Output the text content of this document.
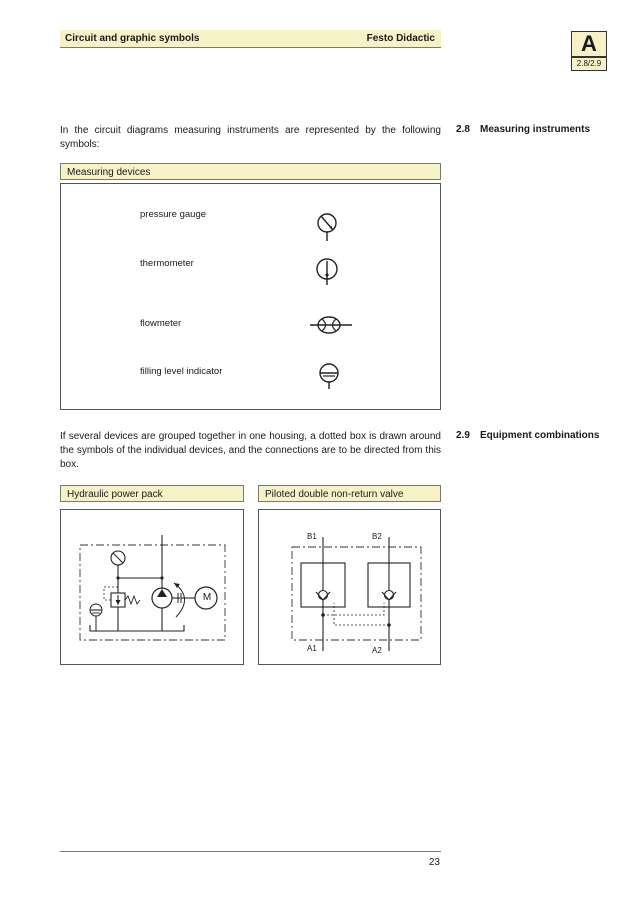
Circuit and graphic symbols	Festo Didactic	A
2.8/2.9
In the circuit diagrams measuring instruments are represented by the following symbols:
2.8 Measuring instruments
Measuring devices
pressure gauge
thermometer
flowmeter
filling level indicator
If several devices are grouped together in one housing, a dotted box is drawn around the symbols of the individual devices, and the connections are to be directed from this box.
2.9 Equipment combinations
Hydraulic power pack	Piloted double non-return valve
M
B1	B2
A1	A2
23
